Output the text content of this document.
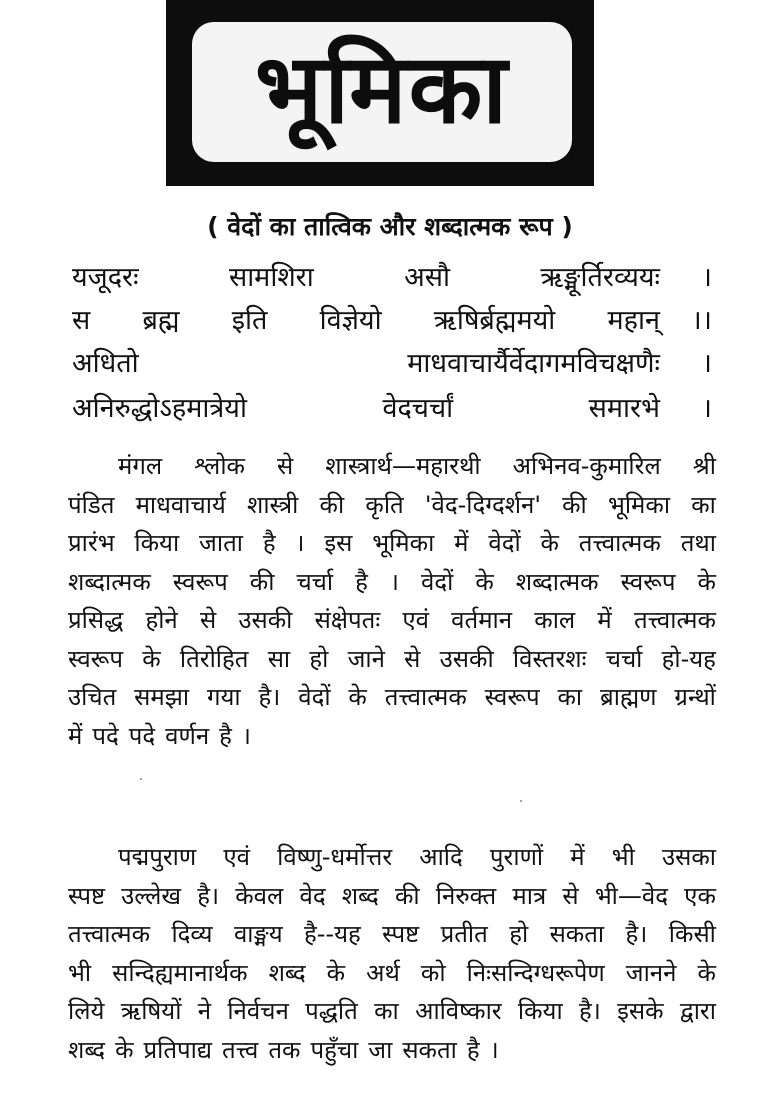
भूमिका
( वेदों का तात्विक और शब्दात्मक रूप )
यजूदरः	सामशिरा	असौ	ऋङ्मूर्तिरव्ययः	।
स ब्रह्म इति विज्ञेयो ऋषिर्ब्रह्ममयो महान् ।।
अधितो	माधवाचार्यैर्वेदागमविचक्षणैः	।
अनिरुद्धोऽहमात्रेयो	वेदचर्चां	समारभे	।
मंगल श्लोक से शास्त्रार्थ—महारथी अभिनव-कुमारिल श्री
पंडित माधवाचार्य शास्त्री की कृति 'वेद-दिग्दर्शन' की भूमिका का
प्रारंभ किया जाता है । इस भूमिका में वेदों के तत्त्वात्मक तथा
शब्दात्मक स्वरूप की चर्चा है । वेदों के शब्दात्मक स्वरूप के
प्रसिद्ध होने से उसकी संक्षेपतः एवं वर्तमान काल में तत्त्वात्मक
स्वरूप के तिरोहित सा हो जाने से उसकी विस्तरशः चर्चा हो-यह
उचित समझा गया है। वेदों के तत्त्वात्मक स्वरूप का ब्राह्मण ग्रन्थों
में पदे पदे वर्णन है ।
पद्मपुराण एवं विष्णु-धर्मोत्तर आदि पुराणों में भी उसका
स्पष्ट उल्लेख है। केवल वेद शब्द की निरुक्त मात्र से भी—वेद एक
तत्त्वात्मक दिव्य वाङ्मय है--यह स्पष्ट प्रतीत हो सकता है। किसी
भी सन्दिह्यमानार्थक शब्द के अर्थ को निःसन्दिग्धरूपेण जानने के
लिये ऋषियों ने निर्वचन पद्धति का आविष्कार किया है। इसके द्वारा
शब्द के प्रतिपाद्य तत्त्व तक पहुँचा जा सकता है ।
